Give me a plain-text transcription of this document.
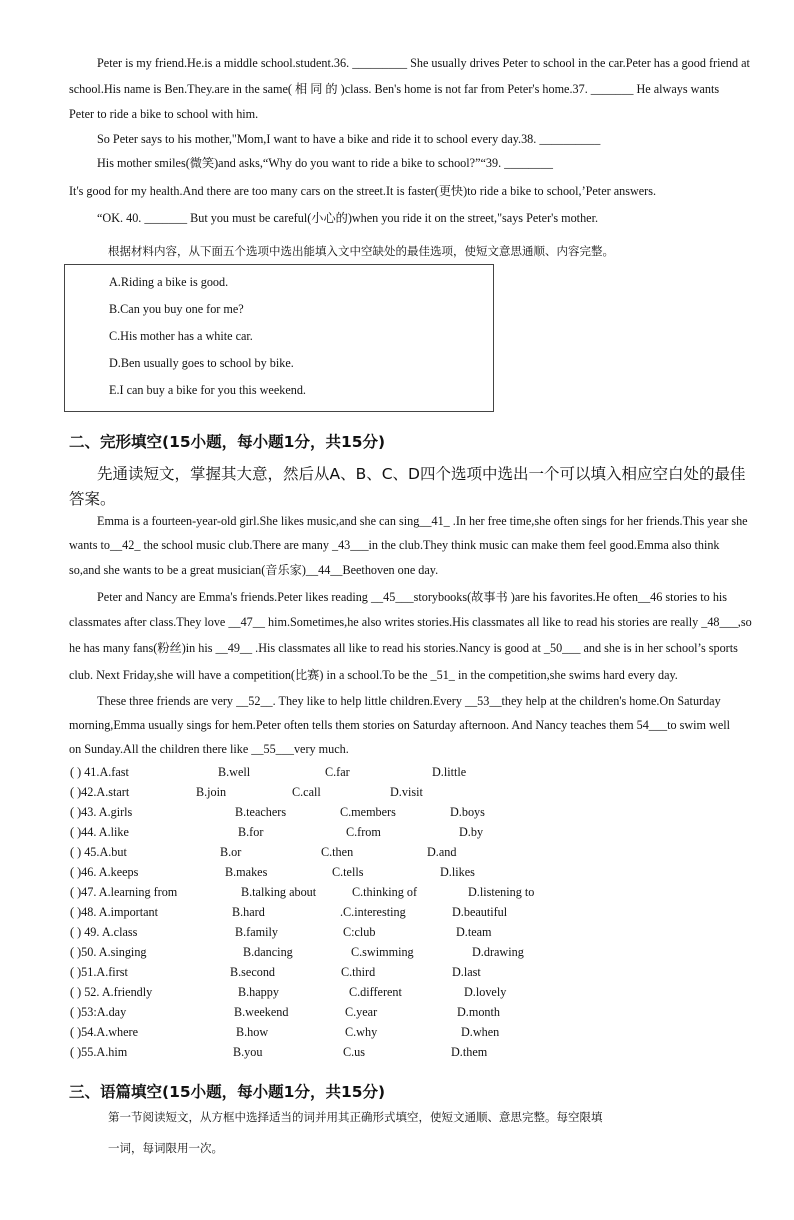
Peter is my friend.He.is a middle school.student.36. _________ She usually drives Peter to school in the car.Peter has a good friend at
school.His name is Ben.They.are in the same( 相 同 的 )class. Ben's home is not far from Peter's home.37. _______ He always wants
Peter to ride a bike to school with him.
So Peter says to his mother,"Mom,I want to have a bike and ride it to school every day.38. __________
His mother smiles(微笑)and asks,“Why do you want to ride a bike to school?”“39. ________
It's good for my health.And there are too many cars on the street.It is faster(更快)to ride a bike to school,’Peter answers.
“OK. 40. _______ But you must be careful(小心的)when you ride it on the street,"says Peter's mother.
根据材料内容，从下面五个选项中选出能填入文中空缺处的最佳选项，使短文意思通顺、内容完整。
A.Riding a bike is good.
B.Can you buy one for me?
C.His mother has a white car.
D.Ben usually goes to school by bike.
E.I can buy a bike for you this weekend.
二、完形填空(15小题，每小题1分，共15分)
先通读短文，掌握其大意，然后从A、B、C、D四个选项中选出一个可以填入相应空白处的最佳
答案。
Emma is a fourteen-year-old girl.She likes music,and she can sing__41_ .In her free time,she often sings for her friends.This year she
wants to__42_ the school music club.There are many _43___in the club.They think music can make them feel good.Emma also think
so,and she wants to be a great musician(音乐家)__44__Beethoven one day.
Peter and Nancy are Emma's friends.Peter likes reading __45___storybooks(故事书 )are his favorites.He often__46 stories to his
classmates after class.They love __47__ him.Sometimes,he also writes stories.His classmates all like to read his stories are really _48___,so
he has many fans(粉丝)in his __49__ .His classmates all like to read his stories.Nancy is good at _50___ and she is in her school’s sports
club. Next Friday,she will have a competition(比赛) in a school.To be the _51_ in the competition,she swims hard every day.
These three friends are very __52__. They like to help little children.Every __53__they help at the children's home.On Saturday
morning,Emma usually sings for hem.Peter often tells them stories on Saturday afternoon. And Nancy teaches them 54___to swim well
on Sunday.All the children there like __55___very much.
( ) 41.A.fast	B.well	C.far	D.little
( )42.A.start	B.join	C.call	D.visit
( )43. A.girls	B.teachers	C.members	D.boys
( )44. A.like	B.for	C.from	D.by
( ) 45.A.but	B.or	C.then	D.and
( )46. A.keeps	B.makes	C.tells	D.likes
( )47. A.learning from	B.talking about	C.thinking of	D.listening to
( )48. A.important	B.hard	.C.interesting	D.beautiful
( ) 49. A.class	B.family	C:club	D.team
( )50. A.singing	B.dancing	C.swimming	D.drawing
( )51.A.first	B.second	C.third	D.last
( ) 52. A.friendly	B.happy	C.different	D.lovely
( )53:A.day	B.weekend	C.year	D.month
( )54.A.where	B.how	C.why	D.when
( )55.A.him	B.you	C.us	D.them
三、语篇填空(15小题，每小题1分，共15分)
第一节阅读短文，从方框中选择适当的词并用其正确形式填空，使短文通顺、意思完整。每空限填
一词，每词限用一次。
